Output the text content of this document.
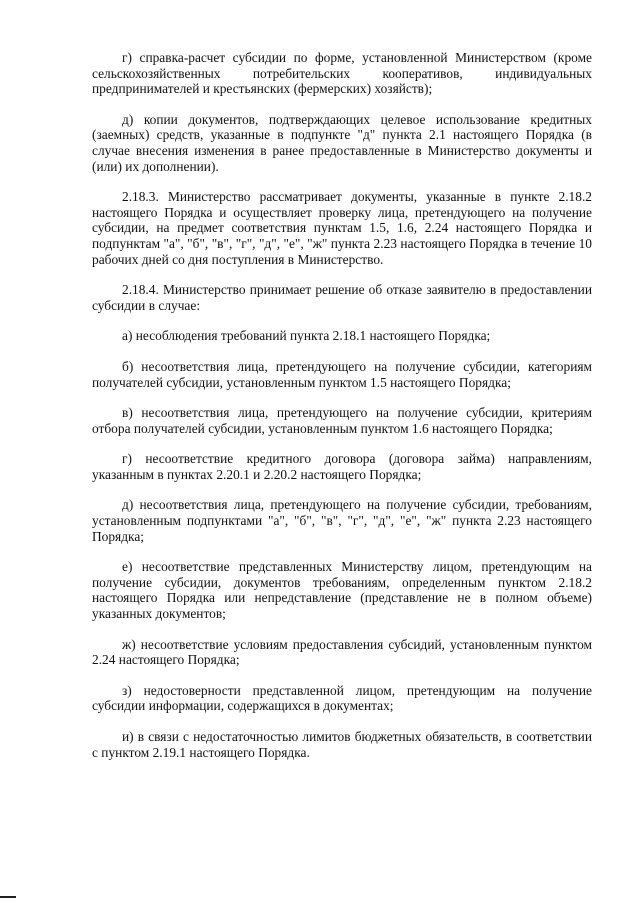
г) справка-расчет субсидии по форме, установленной Министерством (кроме сельскохозяйственных потребительских кооперативов, индивидуальных предпринимателей и крестьянских (фермерских) хозяйств);

д) копии документов, подтверждающих целевое использование кредитных (заемных) средств, указанные в подпункте "д" пункта 2.1 настоящего Порядка (в случае внесения изменения в ранее предоставленные в Министерство документы и (или) их дополнении).

2.18.3. Министерство рассматривает документы, указанные в пункте 2.18.2 настоящего Порядка и осуществляет проверку лица, претендующего на получение субсидии, на предмет соответствия пунктам 1.5, 1.6, 2.24 настоящего Порядка и подпунктам "а", "б", "в", "г", "д", "е", "ж" пункта 2.23 настоящего Порядка в течение 10 рабочих дней со дня поступления в Министерство.

2.18.4. Министерство принимает решение об отказе заявителю в предоставлении субсидии в случае:

а) несоблюдения требований пункта 2.18.1 настоящего Порядка;

б) несоответствия лица, претендующего на получение субсидии, категориям получателей субсидии, установленным пунктом 1.5 настоящего Порядка;

в) несоответствия лица, претендующего на получение субсидии, критериям отбора получателей субсидии, установленным пунктом 1.6 настоящего Порядка;

г) несоответствие кредитного договора (договора займа) направлениям, указанным в пунктах 2.20.1 и 2.20.2 настоящего Порядка;

д) несоответствия лица, претендующего на получение субсидии, требованиям, установленным подпунктами "а", "б", "в", "г", "д", "е", "ж" пункта 2.23 настоящего Порядка;

е) несоответствие представленных Министерству лицом, претендующим на получение субсидии, документов требованиям, определенным пунктом 2.18.2 настоящего Порядка или непредставление (представление не в полном объеме) указанных документов;

ж) несоответствие условиям предоставления субсидий, установленным пунктом 2.24 настоящего Порядка;

з) недостоверности представленной лицом, претендующим на получение субсидии информации, содержащихся в документах;

и) в связи с недостаточностью лимитов бюджетных обязательств, в соответствии с пунктом 2.19.1 настоящего Порядка.
